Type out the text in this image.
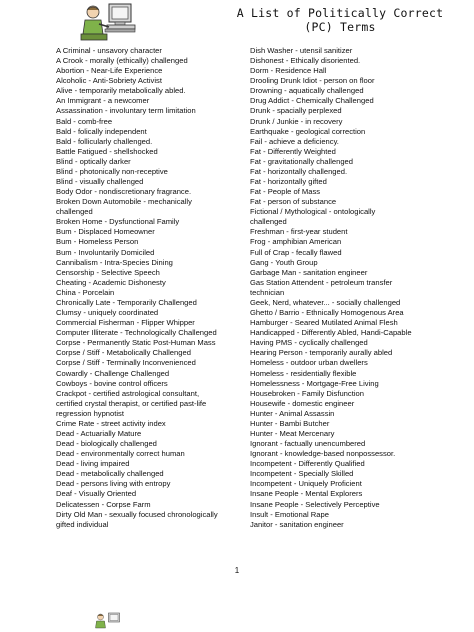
A List of Politically Correct
(PC) Terms
A Criminal - unsavory character
A Crook - morally (ethically) challenged
Abortion - Near-Life Experience
Alcoholic - Anti-Sobriety Activist
Alive - temporarily metabolically abled.
An Immigrant - a newcomer
Assassination - involuntary term limitation
Bald - comb-free
Bald - folically independent
Bald - follicularly challenged.
Battle Fatigued - shellshocked
Blind - optically darker
Blind - photonically non-receptive
Blind - visually challenged
Body Odor - nondiscretionary fragrance.
Broken Down Automobile - mechanically
challenged
Broken Home - Dysfunctional Family
Bum - Displaced Homeowner
Bum - Homeless Person
Bum - Involuntarily Domiciled
Cannibalism - Intra-Species Dining
Censorship - Selective Speech
Cheating - Academic Dishonesty
China - Porcelain
Chronically Late - Temporarily Challenged
Clumsy - uniquely coordinated
Commercial Fisherman - Flipper Whipper
Computer Illiterate - Technologically Challenged
Corpse - Permanently Static Post-Human Mass
Corpse / Stiff - Metabolically Challenged
Corpse / Stiff - Terminally Inconvenienced
Cowardly - Challenge Challenged
Cowboys - bovine control officers
Crackpot - certified astrological consultant,
certified crystal therapist, or certified past-life
regression hypnotist
Crime Rate - street activity index
Dead - Actuarially Mature
Dead - biologically challenged
Dead - environmentally correct human
Dead - living impaired
Dead - metabolically challenged
Dead - persons living with entropy
Deaf - Visually Oriented
Delicatessen - Corpse Farm
Dirty Old Man - sexually focused chronologically
gifted individual
Dish Washer - utensil sanitizer
Dishonest - Ethically disoriented.
Dorm - Residence Hall
Drooling Drunk Idiot - person on floor
Drowning - aquatically challenged
Drug Addict - Chemically Challenged
Drunk - spacially perplexed
Drunk / Junkie - in recovery
Earthquake - geological correction
Fail - achieve a deficiency.
Fat - Differently Weighted
Fat - gravitationally challenged
Fat - horizontally challenged.
Fat - horizontally gifted
Fat - People of Mass
Fat - person of substance
Fictional / Mythological - ontologically
challenged
Freshman - first-year student
Frog - amphibian American
Full of Crap - fecally flawed
Gang - Youth Group
Garbage Man - sanitation engineer
Gas Station Attendent - petroleum transfer
technician
Geek, Nerd, whatever... - socially challenged
Ghetto / Barrio - Ethnically Homogenous Area
Hamburger - Seared Mutilated Animal Flesh
Handicapped - Differently Abled, Handi-Capable
Having PMS - cyclically challenged
Hearing Person - temporarily aurally abled
Homeless - outdoor urban dwellers
Homeless - residentially flexible
Homelessness - Mortgage-Free Living
Housebroken - Family Disfunction
Housewife - domestic engineer
Hunter - Animal Assassin
Hunter - Bambi Butcher
Hunter - Meat Mercenary
Ignorant - factually unencumbered
Ignorant - knowledge-based nonpossessor.
Incompetent - Differently Qualified
Incompetent - Specially Skilled
Incompetent - Uniquely Proficient
Insane People - Mental Explorers
Insane People - Selectively Perceptive
Insult - Emotional Rape
Janitor - sanitation engineer
1
